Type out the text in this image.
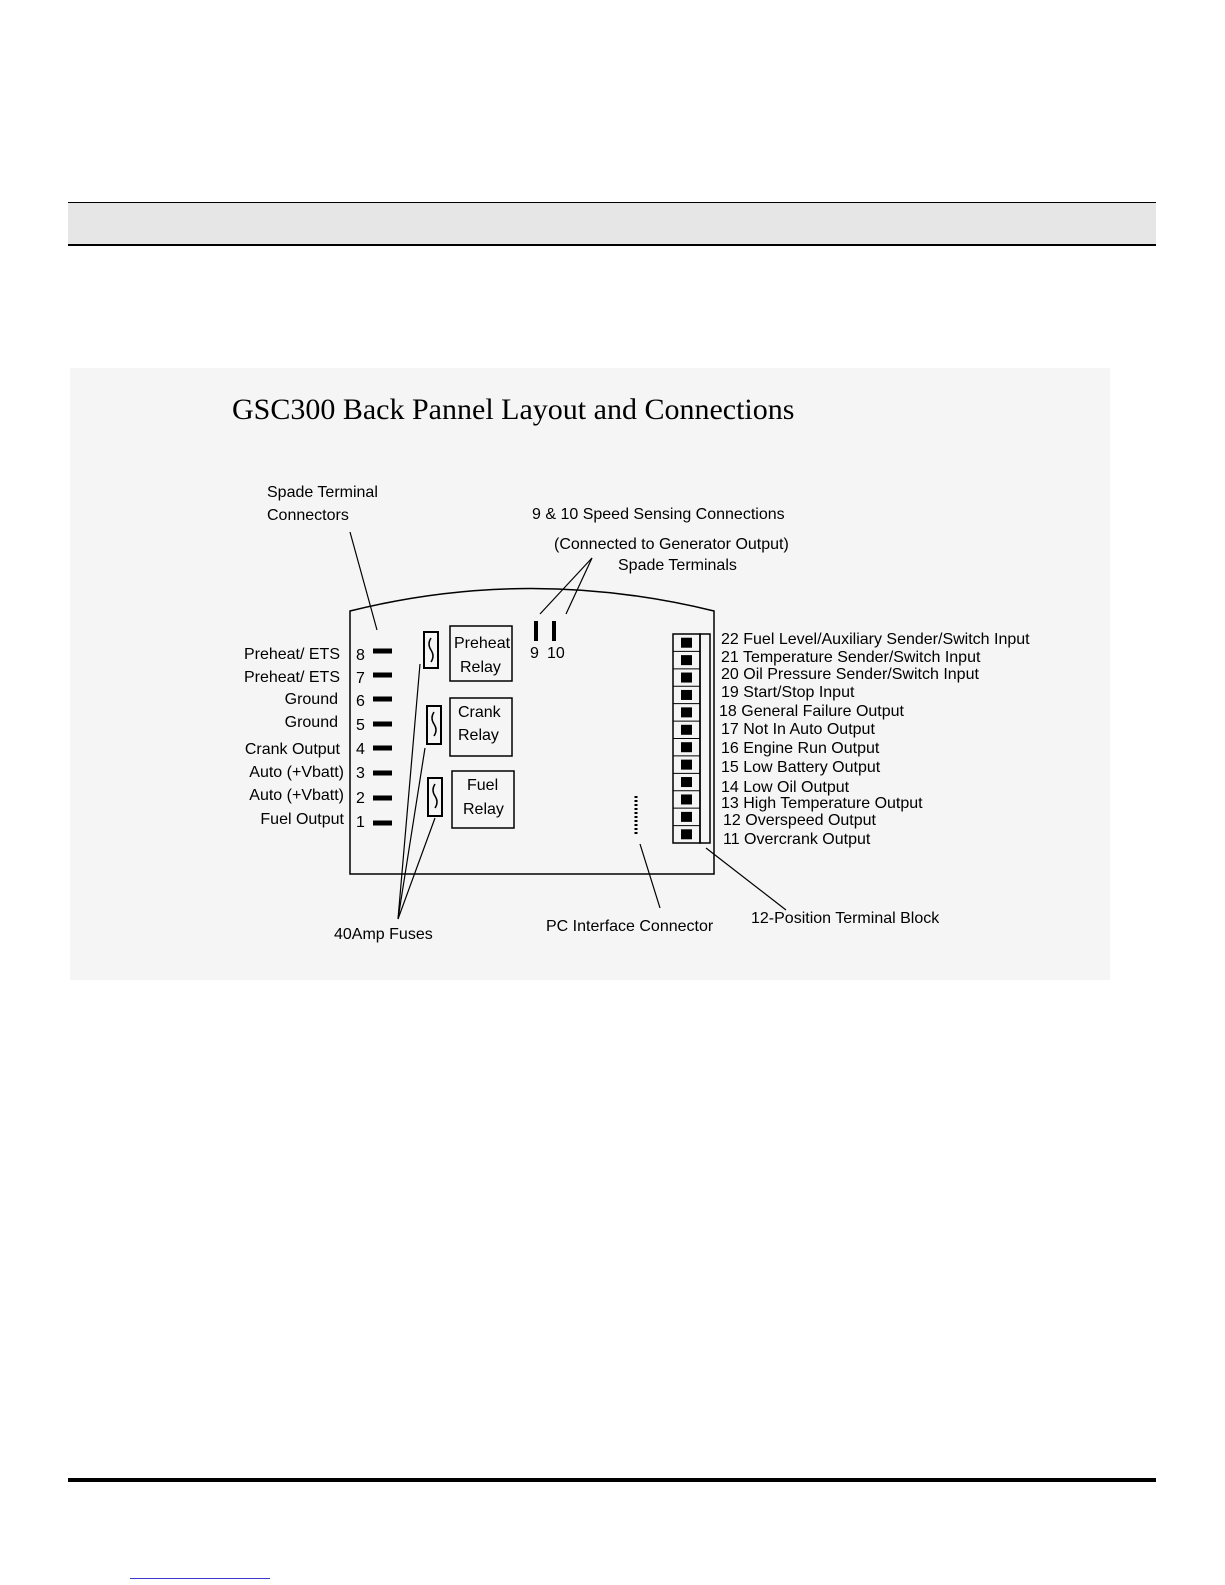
GSC300 Back Pannel Layout and Connections
Spade Terminal
Connectors	9 & 10 Speed Sensing Connections
(Connected to Generator Output)
Spade Terminals
40Amp Fuses	PC Interface Connector 12-Position Terminal Block
Preheat/ ETS
Preheat/ ETS
Ground
Ground
Crank Output
Auto (+Vbatt)
Auto (+Vbatt)
Fuel Output
8
7
6
5
4
3
2
1
Preheat
Relay
Crank
Relay
Fuel
Relay
9 10
22 Fuel Level/Auxiliary Sender/Switch Input
21 Temperature Sender/Switch Input
20 Oil Pressure Sender/Switch Input
19 Start/Stop Input
18 General Failure Output
17 Not In Auto Output
16 Engine Run Output
15 Low Battery Output
14 Low Oil Output
13 High Temperature Output
12 Overspeed Output
11 Overcrank Output
